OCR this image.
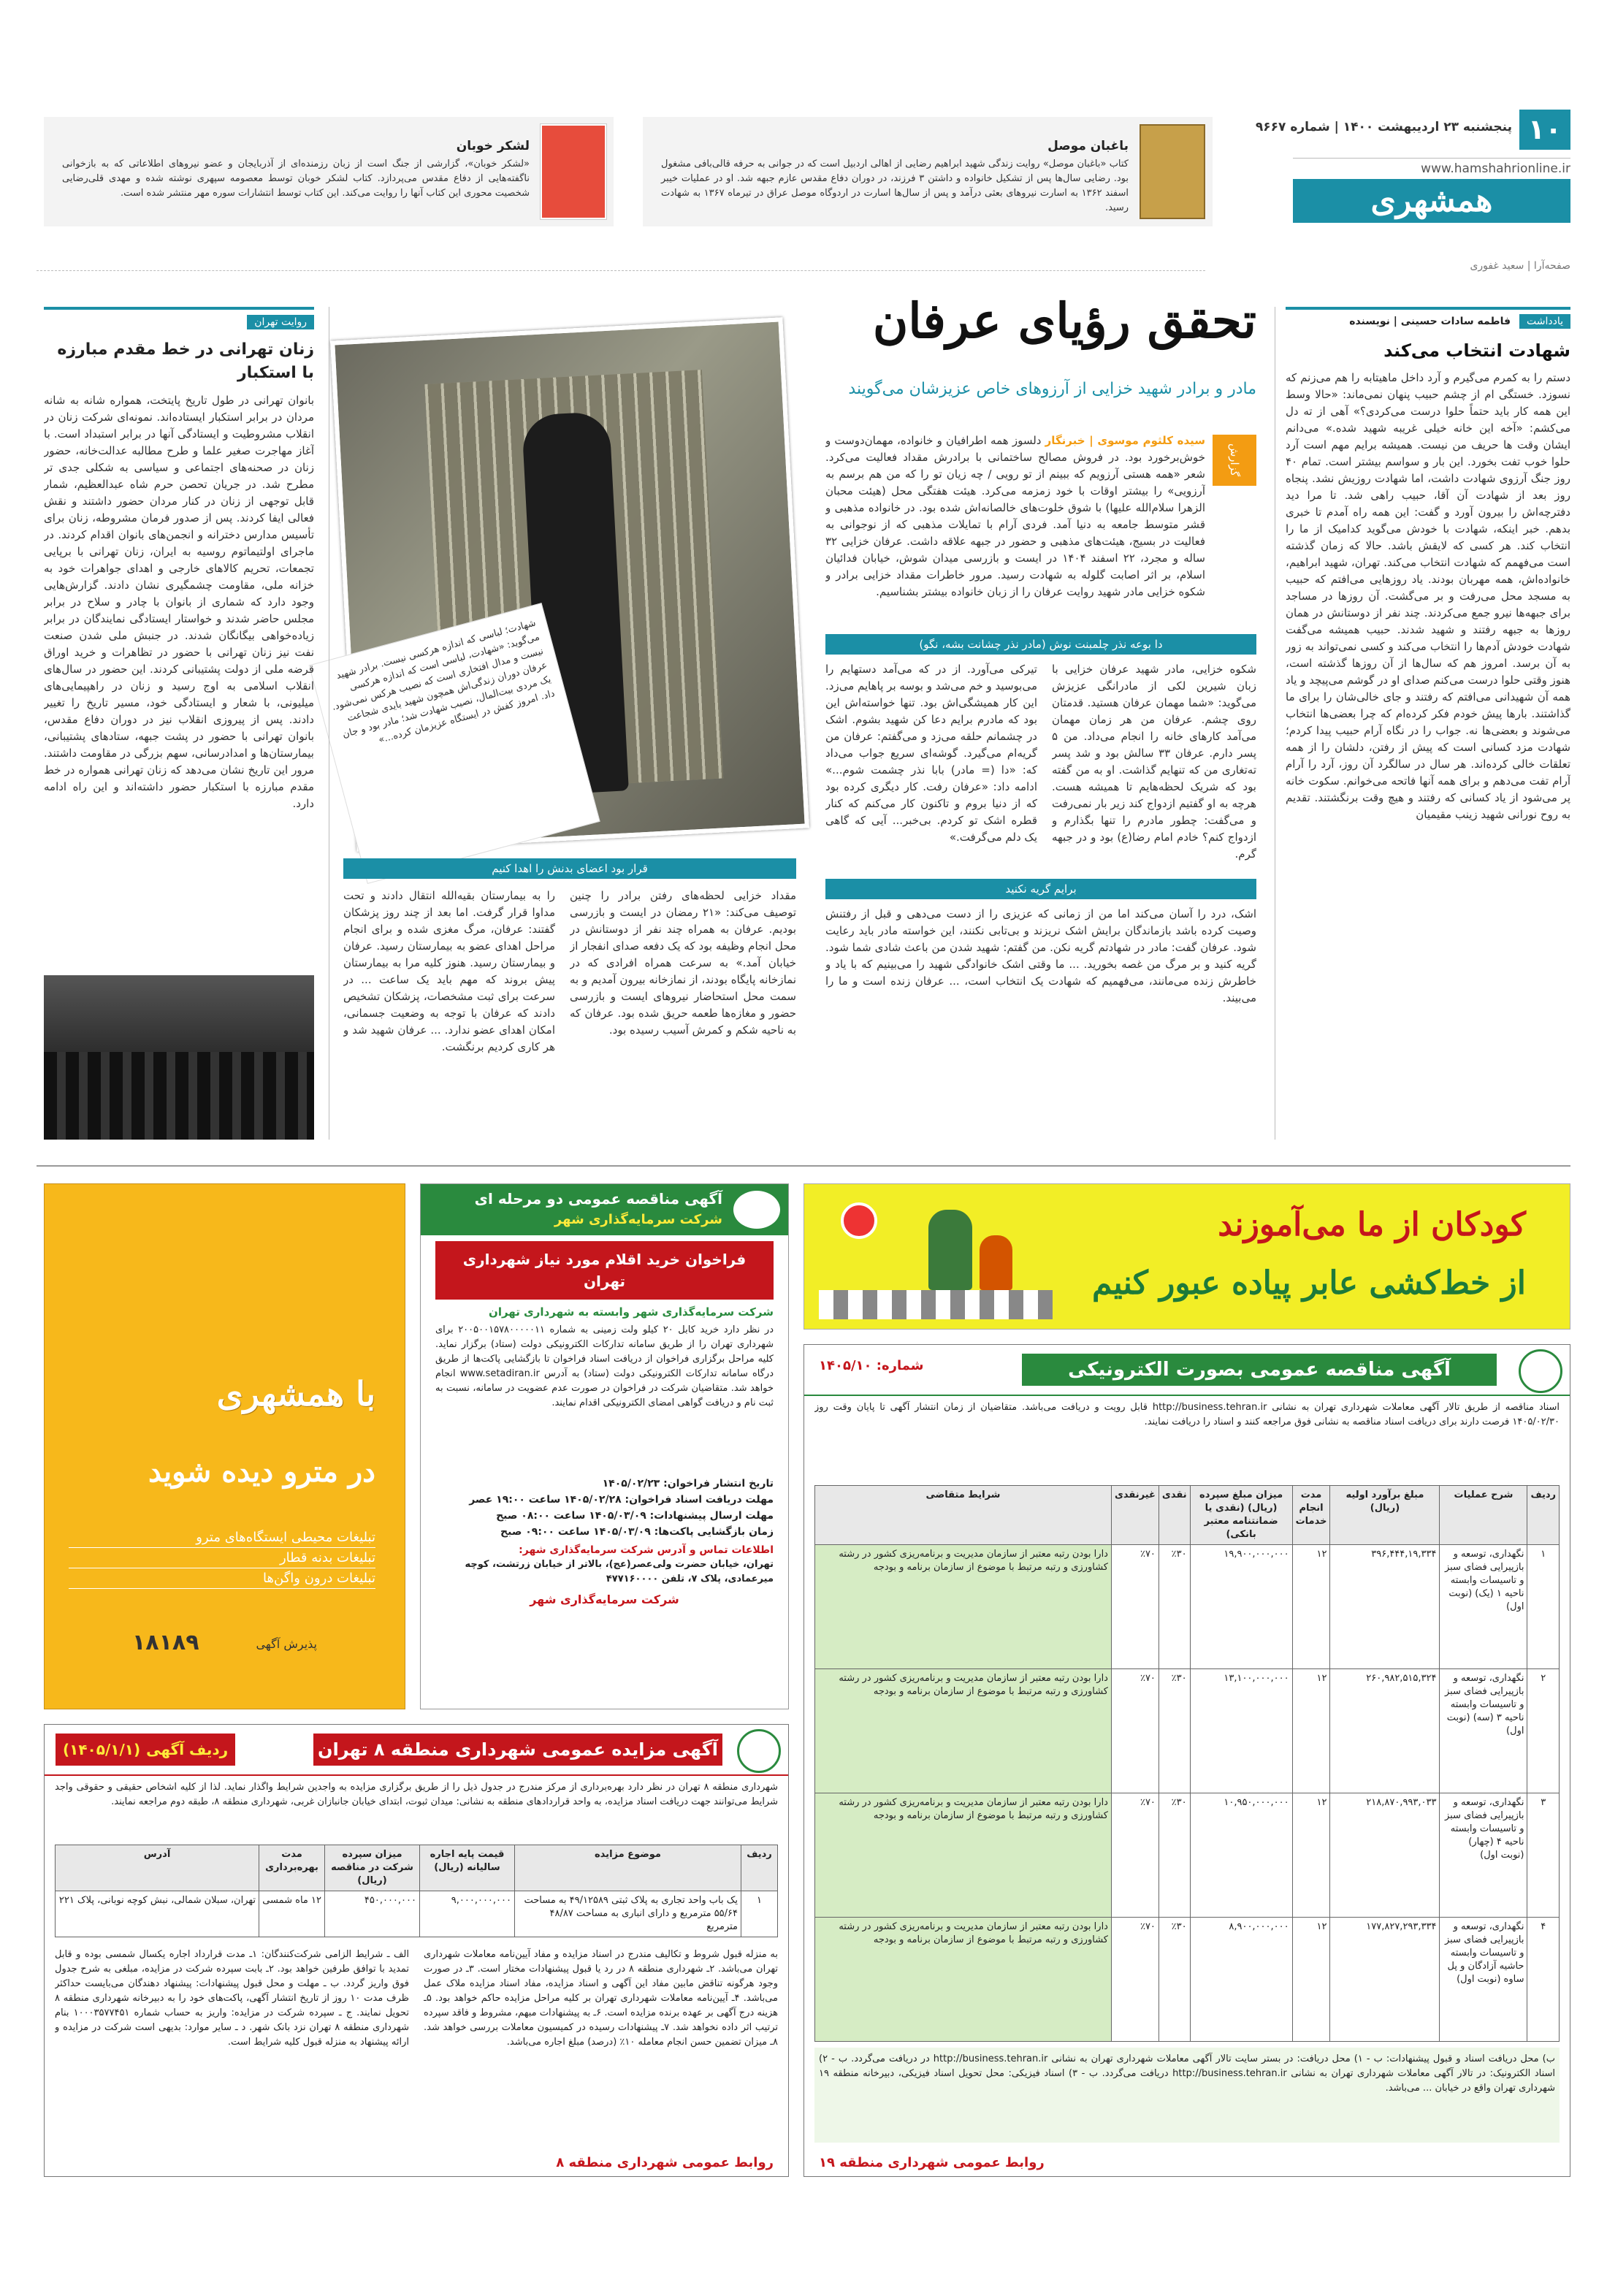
۱۰
پنجشنبه ۲۳ اردیبهشت ۱۴۰۰ | شماره ۹۶۶۷
www.hamshahrionline.ir
همشهری
صفحه‌آرا | سعید غفوری
باغبان موصل
کتاب «باغبان موصل» روایت زندگی شهید ابراهیم رضایی از اهالی اردبیل است که در جوانی به حرفه قالی‌بافی مشغول بود. رضایی سال‌ها پس از تشکیل خانواده و داشتن ۳ فرزند، در دوران دفاع مقدس عازم جبهه شد. او در عملیات خیبر اسفند ۱۳۶۲ به اسارت نیروهای بعثی درآمد و پس از سال‌ها اسارت در اردوگاه موصل عراق در تیرماه ۱۳۶۷ به شهادت رسید.
لشکر خوبان
«لشکر خوبان»، گزارشی از جنگ است از زبان رزمنده‌ای از آذربایجان و عضو نیروهای اطلاعاتی که به بازخوانی ناگفته‌هایی از دفاع مقدس می‌پردازد. کتاب لشکر خوبان توسط معصومه سپهری نوشته شده و مهدی قلی‌رضایی شخصیت محوری این کتاب آنها را روایت می‌کند. این کتاب توسط انتشارات سوره مهر منتشر شده است.
یادداشت
فاطمه سادات حسینی | نویسنده
شهادت انتخاب می‌کند
دستم را به کمرم می‌گیرم و آرد داخل ماهیتابه را هم می‌زنم که نسوزد. خستگی ام از چشم حبیب پنهان نمی‌ماند: «حالا وسط این همه کار باید حتماً حلوا درست می‌کردی؟» آهی از ته دل می‌کشم: «آخه این خانه خیلی غریبه شهید شده.» می‌دانم ایشان وقت ها حریف من نیست. همیشه برایم مهم است آرد حلوا خوب تفت بخورد. این بار و سواسم بیشتر است. تمام ۴۰ روز جنگ آرزوی شهادت داشت، اما شهادت روزیش نشد. پنجاه روز بعد از شهادت آن آقا، حبیب راهی شد. تا مرا دید دفترچه‌اش را بیرون آورد و گفت: این همه راه آمدم تا خبری بدهم. خبر اینکه، شهادت با خودش می‌گوید کدامیک از ما را انتخاب کند. هر کسی که لایقش باشد. حالا که زمان گذشته است می‌فهمم که شهادت انتخاب می‌کند. تهران، شهید ابراهیم، خانواده‌اش، همه مهربان بودند. یاد روزهایی می‌افتم که حبیب به مسجد محل می‌رفت و بر می‌گشت. آن روزها در مساجد برای جبهه‌ها نیرو جمع می‌کردند. چند نفر از دوستانش در همان روزها به جبهه رفتند و شهید شدند. حبیب همیشه می‌گفت شهادت خودش آدم‌ها را انتخاب می‌کند و کسی نمی‌تواند به زور به آن برسد. امروز هم که سال‌ها از آن روزها گذشته است، هنوز وقتی حلوا درست می‌کنم صدای او در گوشم می‌پیچد و یاد همه آن شهیدانی می‌افتم که رفتند و جای خالی‌شان را برای ما گذاشتند. بارها پیش خودم فکر کرده‌ام که چرا بعضی‌ها انتخاب می‌شوند و بعضی‌ها نه. جواب را در نگاه آرام حبیب پیدا کردم؛ شهادت مزد کسانی است که پیش از رفتن، دلشان را از همه تعلقات خالی کرده‌اند. هر سال در سالگرد آن روز، آرد را آرام آرام تفت می‌دهم و برای همه آنها فاتحه می‌خوانم. سکوت خانه پر می‌شود از یاد کسانی که رفتند و هیچ وقت برنگشتند. تقدیم به روح نورانی شهید زینب مقیمیان
تحقق رؤیای عرفان
مادر و برادر شهید خزایی از آرزوهای خاص عزیزشان می‌گویند
گزارش
سیده کلثوم موسوی | خبرنگار دلسوز همه اطرافیان و خانواده، مهمان‌دوست و خوش‌برخورد بود. در فروش مصالح ساختمانی با برادرش مقداد فعالیت می‌کرد. شعر «همه هستی آرزویم که ببینم از تو رویی / چه زیان تو را که من هم برسم به آرزویی» را بیشتر اوقات با خود زمزمه می‌کرد. هیئت هفتگی محل (هیئت محبان الزهرا سلام‌الله علیها) با شوق خلوت‌های خالصانه‌اش شده بود. در خانواده مذهبی و قشر متوسط جامعه به دنیا آمد. فردی آرام با تمایلات مذهبی که از نوجوانی به فعالیت در بسیج، هیئت‌های مذهبی و حضور در جبهه علاقه داشت. عرفان خزایی ۳۲ ساله و مجرد، ۲۲ اسفند ۱۴۰۴ در ایست و بازرسی میدان شوش، خیابان فدائیان اسلام، بر اثر اصابت گلوله به شهادت رسید. مرور خاطرات مقداد خزایی برادر و شکوه خزایی مادر شهید روایت عرفان را از زبان خانواده بیشتر بشناسیم.
دا بوعه نذر چلمبنت نوش (مادر نذر چشانت بشه، نگو)
شکوه خزایی، مادر شهید عرفان خزایی با زبان شیرین لکی از مادرانگی عزیزش می‌گوید: «شما مهمان عرفان هستید. قدمتان روی چشم. عرفان من هر زمان مهمان می‌آمد کارهای خانه را انجام می‌داد. من ۵ پسر دارم. عرفان ۳۳ سالش بود و شد پسر ته‌تغاری من که تنهایم گذاشت. او به من گفته بود که شریک لحظه‌هایم تا همیشه هست. هرچه به او گفتیم ازدواج کند زیر بار نمی‌رفت و می‌گفت: چطور مادرم را تنها بگذارم و ازدواج کنم؟ خادم امام رضا(ع) بود و در جبهه گرم.
تیرکی می‌آورد. از در که می‌آمد دستهایم را می‌بوسید و خم می‌شد و بوسه بر پاهایم می‌زد. این کار همیشگی‌اش بود. تنها خواسته‌اش این بود که مادرم برایم دعا کن شهید بشوم. اشک در چشمانم حلقه می‌زد و می‌گفتم: عرفان من گریه‌ام می‌گیرد. گوشه‌ای سریع جواب می‌داد که: «دا (= مادر) بابا نذر چشمت شوم...» ادامه داد: «عرفان رفت. کار دیگری کرده بود که از دنیا بروم و تاکنون کار می‌کنم که کنار قطره اشک تو کردم. بی‌خبر... آیی که گاهی یک دلم می‌گرفت.»
برایم گریه نکنید
اشک، درد را آسان می‌کند اما من از زمانی که عزیزی را از دست می‌دهی و قبل از رفتنش وصیت کرده باشد بازماندگان برایش اشک نریزند و بی‌تابی نکنند، این خواسته مادر باید رعایت شود. عرفان گفت: مادر در شهادتم گریه نکن. من گفتم: شهید شدن من باعث شادی شما شود. گریه کنید و بر مرگ من غصه بخورید. ... ما وقتی اشک خانوادگی شهید را می‌بینیم که با یاد و خاطرش زنده می‌مانند، می‌فهمیم که شهادت یک انتخاب است، ... عرفان زنده است و ما را می‌بیند.
شهادت؛ لباسی که اندازه هرکسی نیست. برادر شهید می‌گوید: «شهادت، لباسی است که اندازه هرکسی نیست و مدال افتخاری است که نصیب هرکس نمی‌شود. عرفان دوران زندگی‌اش همچون شهید بایدی شجاعت یک مردی بیت‌المال، نصیب شهادت شد؛ مادر بود و جان داد. امروز کفش در ایستگاه عزیزمان کرده...»
قرار بود اعضای بدنش را اهدا کنیم
مقداد خزایی لحظه‌های رفتن برادر را چنین توصیف می‌کند: «۲۱ رمضان در ایست و بازرسی بودیم. عرفان به همراه چند نفر از دوستانش در محل انجام وظیفه بود که یک دفعه صدای انفجار از خیابان آمد.» به سرعت همراه افرادی که در نمازخانه پایگاه بودند، از نمازخانه بیرون آمدیم و به سمت محل استحاضار نیروهای ایست و بازرسی حضور و مغازه‌ها طعمه حریق شده بود. عرفان که به ناحیه شکم و کمرش آسیب رسیده بود.
را به بیمارستان بقیه‌الله انتقال دادند و تحت مداوا قرار گرفت. اما بعد از چند روز پزشکان گفتند: عرفان، مرگ مغزی شده و برای انجام مراحل اهدای عضو به بیمارستان رسید. عرفان و بیمارستان رسید. هنوز کلیه مرا به بیمارستان پیش بروند که مهم باید یک ساعت ... در سرعت برای ثبت مشخصات، پزشکان تشخیص دادند که عرفان با توجه به وضعیت جسمانی، امکان اهدای عضو ندارد. ... عرفان شهید شد و هر کاری کردیم برنگشت.
روایت تهران
زنان تهرانی در خط مقدم مبارزه با استکبار
بانوان تهرانی در طول تاریخ پایتخت، همواره شانه به شانه مردان در برابر استکبار ایستاده‌اند. نمونه‌ای شرکت زنان در انقلاب مشروطیت و ایستادگی آنها در برابر استبداد است. با آغاز مهاجرت صغیر علما و طرح مطالبه عدالت‌خانه، حضور زنان در صحنه‌های اجتماعی و سیاسی به شکلی جدی تر مطرح شد. در جریان تحصن حرم شاه عبدالعظیم، شمار قابل توجهی از زنان در کنار مردان حضور داشتند و نقش فعالی ایفا کردند. پس از صدور فرمان مشروطه، زنان برای تأسیس مدارس دخترانه و انجمن‌های بانوان اقدام کردند. در ماجرای اولتیماتوم روسیه به ایران، زنان تهرانی با برپایی تجمعات، تحریم کالاهای خارجی و اهدای جواهرات خود به خزانه ملی، مقاومت چشمگیری نشان دادند. گزارش‌هایی وجود دارد که شماری از بانوان با چادر و سلاح در برابر مجلس حاضر شدند و خواستار ایستادگی نمایندگان در برابر زیاده‌خواهی بیگانگان شدند. در جنبش ملی شدن صنعت نفت نیز زنان تهرانی با حضور در تظاهرات و خرید اوراق قرضه ملی از دولت پشتیبانی کردند. این حضور در سال‌های انقلاب اسلامی به اوج رسید و زنان در راهپیمایی‌های میلیونی، با شعار و ایستادگی خود، مسیر تاریخ را تغییر دادند. پس از پیروزی انقلاب نیز در دوران دفاع مقدس، بانوان تهرانی با حضور در پشت جبهه، ستادهای پشتیبانی، بیمارستان‌ها و امدادرسانی، سهم بزرگی در مقاومت داشتند. مرور این تاریخ نشان می‌دهد که زنان تهرانی همواره در خط مقدم مبارزه با استکبار حضور داشته‌اند و این راه ادامه دارد.
کودکان از ما می‌آموزند
از خط‌کشی عابر پیاده عبور کنیم
آگهی مناقصه عمومی دو مرحله ای
شرکت سرمایه‌گذاری شهر
فراخوان خرید اقلام مورد نیاز شهرداری تهران
شرکت سرمایه‌گذاری شهر وابسته به شهرداری تهران
در نظر دارد خرید کابل ۲۰ کیلو ولت زمینی به شماره ۲۰۰۵۰۰۱۵۷۸۰۰۰۰۰۱۱ برای شهرداری تهران را از طریق سامانه تدارکات الکترونیکی دولت (ستاد) برگزار نماید. کلیه مراحل برگزاری فراخوان از دریافت اسناد فراخوان تا بازگشایی پاکت‌ها از طریق درگاه سامانه تدارکات الکترونیکی دولت (ستاد) به آدرس www.setadiran.ir انجام خواهد شد. متقاضیان شرکت در فراخوان در صورت عدم عضویت در سامانه، نسبت به ثبت نام و دریافت گواهی امضای الکترونیکی اقدام نمایند.
تاریخ انتشار فراخوان: ۱۴۰۵/۰۲/۲۳
مهلت دریافت اسناد فراخوان: ۱۴۰۵/۰۲/۲۸ ساعت ۱۹:۰۰ عصر
مهلت ارسال پیشنهادات: ۱۴۰۵/۰۳/۰۹ ساعت ۰۸:۰۰ صبح
زمان بازگشایی پاکت‌ها: ۱۴۰۵/۰۳/۰۹ ساعت ۰۹:۰۰ صبح
اطلاعات تماس و آدرس شرکت سرمایه‌گذاری شهر:
تهران، خیابان حضرت ولی‌عصر(عج)، بالاتر از خیابان زرتشت، کوچه میرعمادی، پلاک ۷، تلفن ۴۷۷۱۶۰۰۰۰
شرکت سرمایه‌گذاری شهر
با همشهری
در مترو دیده شوید
تبلیغات محیطی ایستگاه‌های مترو
تبلیغات بدنه قطار
تبلیغات درون واگن‌ها
پذیرش آگهی
۱۸۱۸۹
آگهی مناقصه عمومی بصورت الکترونیکی
شماره: ۱۴۰۵/۱۰
اسناد مناقصه از طریق تالار آگهی معاملات شهرداری تهران به نشانی http://business.tehran.ir قابل رویت و دریافت می‌باشد. متقاضیان از زمان انتشار آگهی تا پایان وقت روز ۱۴۰۵/۰۲/۳۰ فرصت دارند برای دریافت اسناد مناقصه به نشانی فوق مراجعه کنند و اسناد را دریافت نمایند.
ردیف	شرح عملیات	مبلغ برآورد اولیه (ریال)	مدت انجام خدمات	میزان مبلغ سپرده (ریال) (نقدی یا ضمانتنامه معتبر بانکی)	نقدی	غیرنقدی	شرایط متقاضی
۱	نگهداری، توسعه و بازپیرایی فضای سبز و تاسیسات وابسته ناحیه ۱ (یک) (نوبت اول)	۳۹۶,۴۴۴,۱۹,۳۳۴	۱۲	۱۹,۹۰۰,۰۰۰,۰۰۰	٪۳۰	٪۷۰	دارا بودن رتبه معتبر از سازمان مدیریت و برنامه‌ریزی کشور در رشته کشاورزی و رتبه مرتبط با موضوع از سازمان برنامه و بودجه
۲	نگهداری، توسعه و بازپیرایی فضای سبز و تاسیسات وابسته ناحیه ۳ (سه) (نوبت اول)	۲۶۰,۹۸۲,۵۱۵,۳۲۴	۱۲	۱۳,۱۰۰,۰۰۰,۰۰۰	٪۳۰	٪۷۰	دارا بودن رتبه معتبر از سازمان مدیریت و برنامه‌ریزی کشور در رشته کشاورزی و رتبه مرتبط با موضوع از سازمان برنامه و بودجه
۳	نگهداری، توسعه و بازپیرایی فضای سبز و تاسیسات وابسته ناحیه ۴ (چهار) (نوبت اول)	۲۱۸,۸۷۰,۹۹۳,۰۳۳	۱۲	۱۰,۹۵۰,۰۰۰,۰۰۰	٪۳۰	٪۷۰	دارا بودن رتبه معتبر از سازمان مدیریت و برنامه‌ریزی کشور در رشته کشاورزی و رتبه مرتبط با موضوع از سازمان برنامه و بودجه
۴	نگهداری، توسعه و بازپیرایی فضای سبز و تاسیسات وابسته حاشیه آزادگان و پل ساوه (نوبت اول)	۱۷۷,۸۲۷,۲۹۳,۳۳۴	۱۲	۸,۹۰۰,۰۰۰,۰۰۰	٪۳۰	٪۷۰	دارا بودن رتبه معتبر از سازمان مدیریت و برنامه‌ریزی کشور در رشته کشاورزی و رتبه مرتبط با موضوع از سازمان برنامه و بودجه
ب) محل دریافت اسناد و قبول پیشنهادات: ب - ۱) محل دریافت: در بستر سایت تالار آگهی معاملات شهرداری تهران به نشانی http://business.tehran.ir در دریافت می‌گردد. ب - ۲) اسناد الکترونیک: در تالار آگهی معاملات شهرداری تهران به نشانی http://business.tehran.ir دریافت می‌گردد. ب - ۳) اسناد فیزیکی: محل تحویل اسناد فیزیکی، دبیرخانه منطقه ۱۹ شهرداری تهران واقع در خیابان ... می‌باشد.
روابط عمومی شهرداری منطقه ۱۹
آگهی مزایده عمومی شهرداری منطقه ۸ تهران
ردیف آگهی
(۱۴۰۵/۱/۱)
شهرداری منطقه ۸ تهران در نظر دارد بهره‌برداری از مرکز مندرج در جدول ذیل را از طریق برگزاری مزایده به واجدین شرایط واگذار نماید. لذا از کلیه اشخاص حقیقی و حقوقی واجد شرایط می‌توانند جهت دریافت اسناد مزایده، به واحد قراردادهای منطقه به نشانی: میدان ثبوت، ابتدای خیابان جانبازان غربی، شهرداری منطقه ۸، طبقه دوم مراجعه نمایند.
ردیف	موضوع مزایده	قیمت پایه اجاره سالیانه (ریال)	میزان سپرده شرکت در مناقصه (ریال)	مدت بهره‌برداری	آدرس
۱	یک باب واحد تجاری به پلاک ثبتی ۴۹/۱۲۵۸۹ به مساحت ۵۵/۶۴ مترمربع و دارای انباری به مساحت ۴۸/۸۷ مترمربع	۹,۰۰۰,۰۰۰,۰۰۰	۴۵۰,۰۰۰,۰۰۰	۱۲ ماه شمسی	تهران، سبلان شمالی، نبش کوچه نوبانی، پلاک ۲۲۱
به منزله قبول شروط و تکالیف مندرج در اسناد مزایده و مفاد آیین‌نامه معاملات شهرداری تهران می‌باشد. ۲ـ شهرداری منطقه ۸ در رد یا قبول پیشنهادات مختار است. ۳ـ در صورت وجود هرگونه تناقض مابین مفاد این آگهی و اسناد مزایده، مفاد اسناد مزایده ملاک عمل می‌باشد. ۴ـ آیین‌نامه معاملات شهرداری تهران بر کلیه مراحل مزایده حاکم خواهد بود. ۵ـ هزینه درج آگهی بر عهده برنده مزایده است. ۶ـ به پیشنهادات مبهم، مشروط و فاقد سپرده ترتیب اثر داده نخواهد شد. ۷ـ پیشنهادات رسیده در کمیسیون معاملات بررسی خواهد شد. ۸ـ میزان تضمین حسن انجام معامله ۱۰٪ (درصد) مبلغ اجاره می‌باشد.
الف ـ شرایط الزامی شرکت‌کنندگان: ۱ـ مدت قرارداد اجاره یکسال شمسی بوده و قابل تمدید با توافق طرفین خواهد بود. ۲ـ بابت سپرده شرکت در مزایده، مبلغی به شرح جدول فوق واریز گردد. ب ـ مهلت و محل قبول پیشنهادات: پیشنهاد دهندگان می‌بایست حداکثر ظرف مدت ۱۰ روز از تاریخ انتشار آگهی، پاکت‌های خود را به دبیرخانه شهرداری منطقه ۸ تحویل نمایند. ج ـ سپرده شرکت در مزایده: واریز به حساب شماره ۱۰۰۰۳۵۷۷۴۵۱ بنام شهرداری منطقه ۸ تهران نزد بانک شهر. د ـ سایر موارد: بدیهی است شرکت در مزایده و ارائه پیشنهاد به منزله قبول کلیه شرایط است.
روابط عمومی شهرداری منطقه ۸
